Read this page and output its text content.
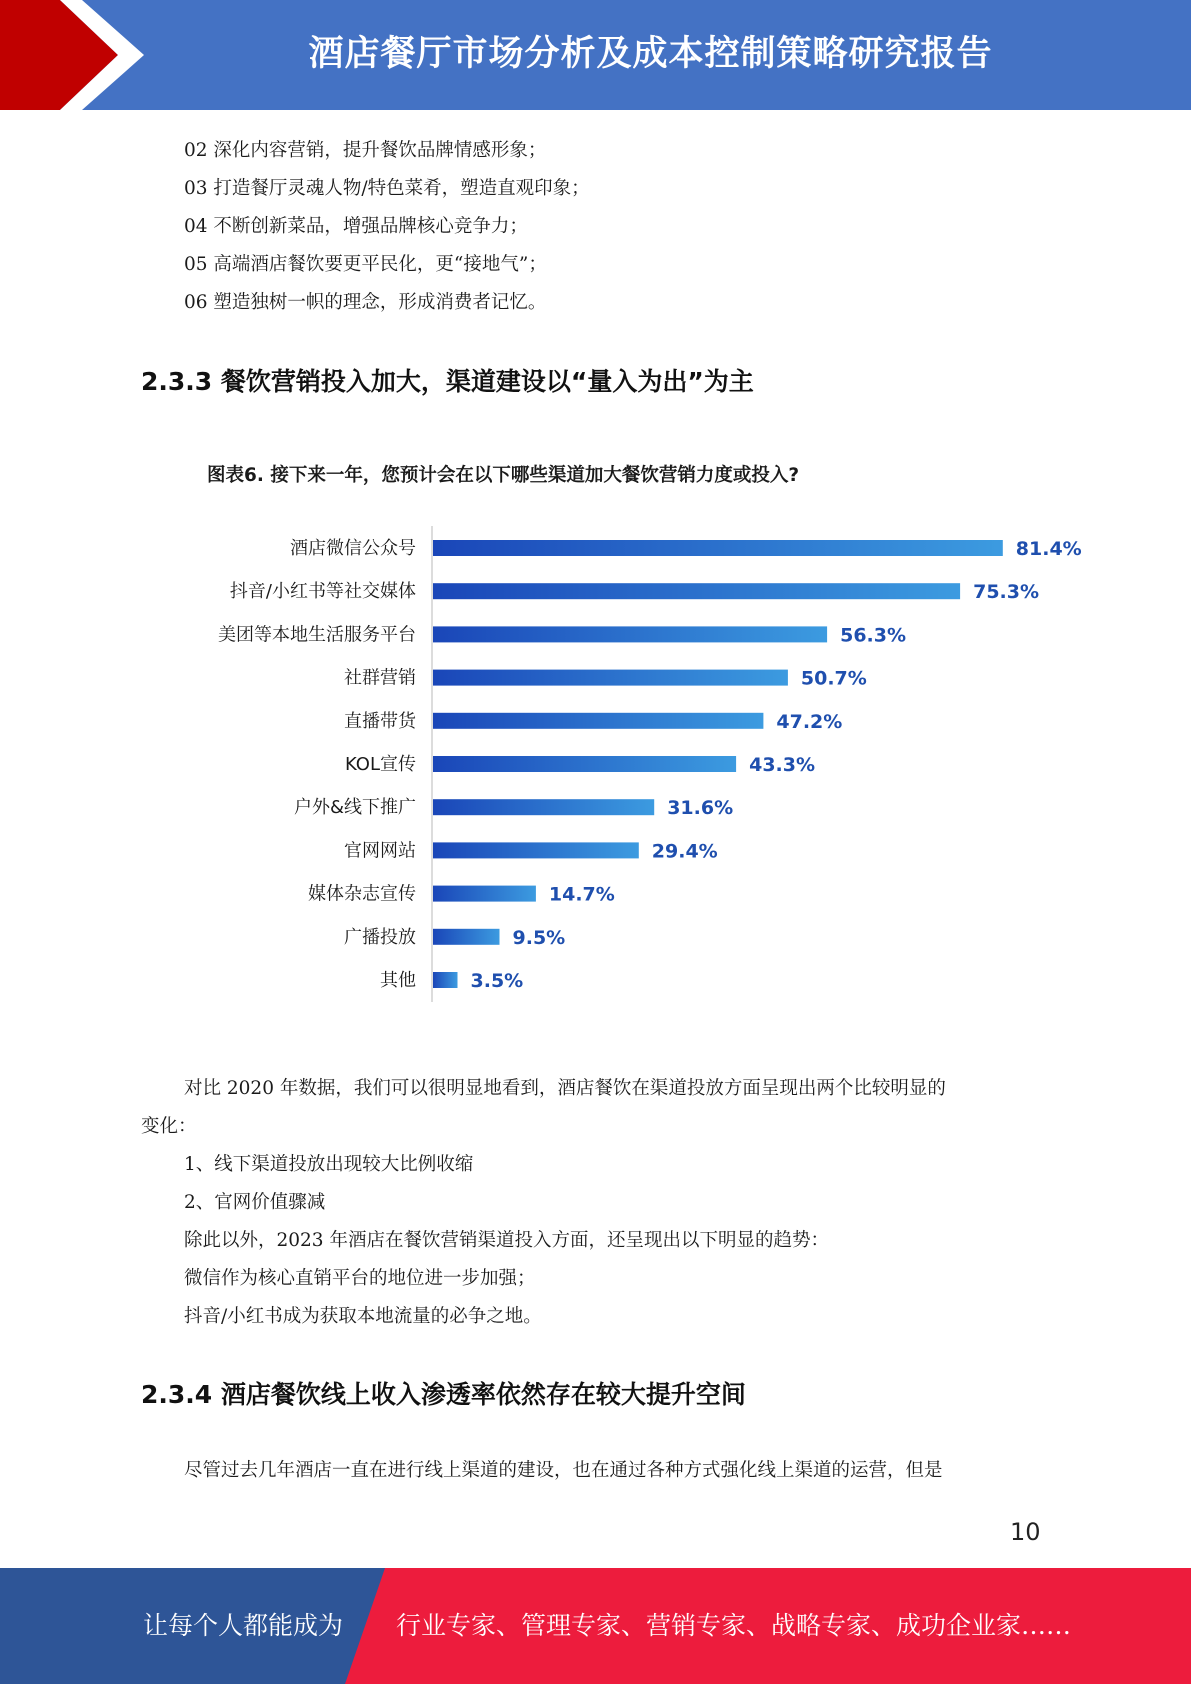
酒店餐厅市场分析及成本控制策略研究报告
02 深化内容营销，提升餐饮品牌情感形象；
03 打造餐厅灵魂人物/特色菜肴，塑造直观印象；
04 不断创新菜品，增强品牌核心竞争力；
05 高端酒店餐饮要更平民化，更“接地气”；
06 塑造独树一帜的理念，形成消费者记忆。
2.3.3 餐饮营销投入加大，渠道建设以“量入为出”为主
图表6. 接下来一年，您预计会在以下哪些渠道加大餐饮营销力度或投入?
酒店微信公众号	81.4%
抖音/小红书等社交媒体	75.3%
美团等本地生活服务平台	56.3%
社群营销	50.7%
直播带货	47.2%
KOL宣传	43.3%
户外&线下推广	31.6%
官网网站	29.4%
媒体杂志宣传	14.7%
广播投放	9.5%
其他	3.5%
对比 2020 年数据，我们可以很明显地看到，酒店餐饮在渠道投放方面呈现出两个比较明显的
变化：
1、线下渠道投放出现较大比例收缩
2、官网价值骤减
除此以外，2023 年酒店在餐饮营销渠道投入方面，还呈现出以下明显的趋势：
微信作为核心直销平台的地位进一步加强；
抖音/小红书成为获取本地流量的必争之地。
2.3.4 酒店餐饮线上收入渗透率依然存在较大提升空间
尽管过去几年酒店一直在进行线上渠道的建设，也在通过各种方式强化线上渠道的运营，但是
10
让每个人都能成为 行业专家、管理专家、营销专家、战略专家、成功企业家……
